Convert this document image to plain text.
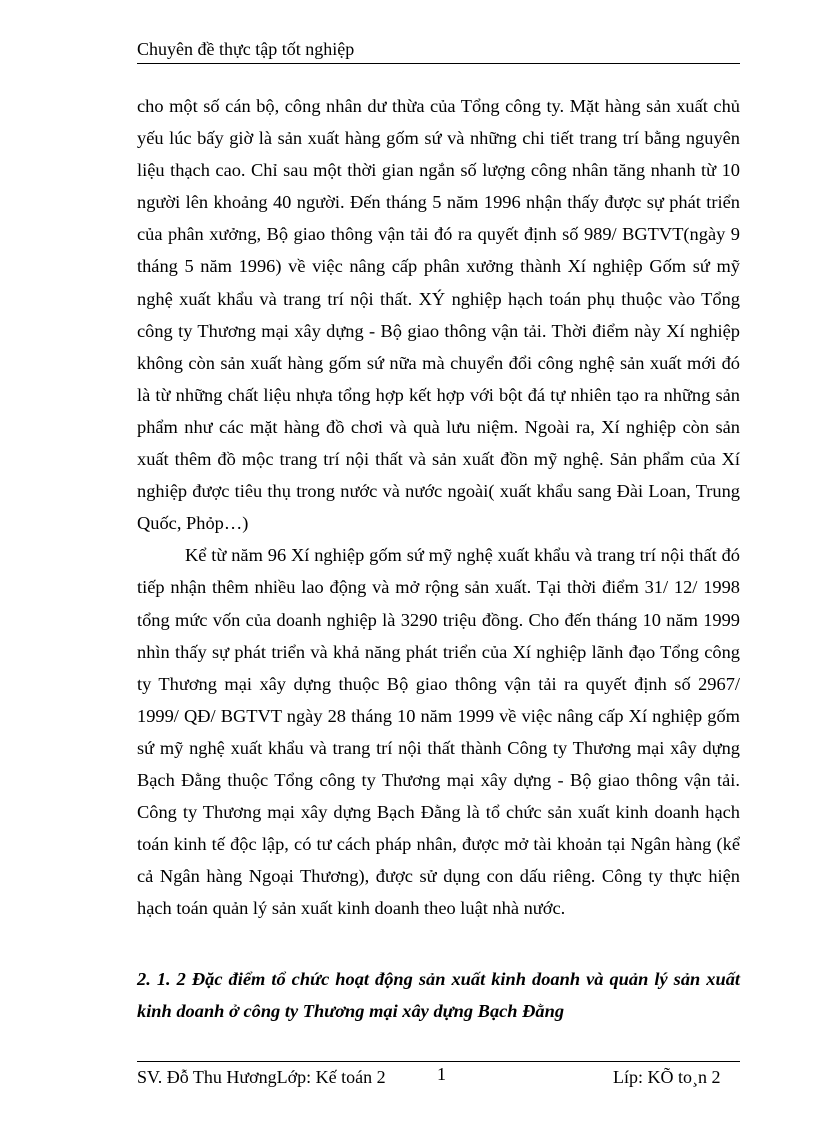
Chuyên đề thực tập tốt nghiệp

cho một số cán bộ, công nhân dư thừa của Tổng công ty. Mặt hàng sản xuất chủ yếu lúc bấy giờ là sản xuất hàng gốm sứ và những chi tiết trang trí bằng nguyên liệu thạch cao. Chỉ sau một thời gian ngắn số lượng công nhân tăng nhanh từ 10 người lên khoảng 40 người. Đến tháng 5 năm 1996 nhận thấy được sự phát triển của phân xưởng, Bộ giao thông vận tải đó ra quyết định số 989/ BGTVT(ngày 9 tháng 5 năm 1996) về việc nâng cấp phân xưởng thành Xí nghiệp Gốm sứ mỹ nghệ xuất khẩu và trang trí nội thất. XÝ nghiệp hạch toán phụ thuộc vào Tổng công ty Thương mại xây dựng - Bộ giao thông vận tải. Thời điểm này Xí nghiệp không còn sản xuất hàng gốm sứ nữa mà chuyển đổi công nghệ sản xuất mới đó là từ những chất liệu nhựa tổng hợp kết hợp với bột đá tự nhiên tạo ra những sản phẩm như các mặt hàng đồ chơi và quà lưu niệm. Ngoài ra, Xí nghiệp còn sản xuất thêm đồ mộc trang trí nội thất và sản xuất đồn mỹ nghệ. Sản phẩm của Xí nghiệp được tiêu thụ trong nước và nước ngoài( xuất khẩu sang Đài Loan, Trung Quốc, Phỏp…)

Kể từ năm 96 Xí nghiệp gốm sứ mỹ nghệ xuất khẩu và trang trí nội thất đó tiếp nhận thêm nhiều lao động và mở rộng sản xuất. Tại thời điểm 31/ 12/ 1998 tổng mức vốn của doanh nghiệp là 3290 triệu đồng. Cho đến tháng 10 năm 1999 nhìn thấy sự phát triển và khả năng phát triển của Xí nghiệp lãnh đạo Tổng công ty Thương mại xây dựng thuộc Bộ giao thông vận tải ra quyết định số 2967/ 1999/ QĐ/ BGTVT ngày 28 tháng 10 năm 1999 về việc nâng cấp Xí nghiệp gốm sứ mỹ nghệ xuất khẩu và trang trí nội thất thành Công ty Thương mại xây dựng Bạch Đằng thuộc Tổng công ty Thương mại xây dựng - Bộ giao thông vận tải. Công ty Thương mại xây dựng Bạch Đằng là tổ chức sản xuất kinh doanh hạch toán kinh tế độc lập, có tư cách pháp nhân, được mở tài khoản tại Ngân hàng (kể cả Ngân hàng Ngoại Thương), được sử dụng con dấu riêng. Công ty thực hiện hạch toán quản lý sản xuất kinh doanh theo luật nhà nước.

2. 1. 2 Đặc điểm tổ chức hoạt động sản xuất kinh doanh và quản lý sản xuất kinh doanh ở công ty Thương mại xây dựng Bạch Đằng
SV. Đỗ Thu HươngLớp: Kế toán 2	1	Líp: KÕ to¸n 2
